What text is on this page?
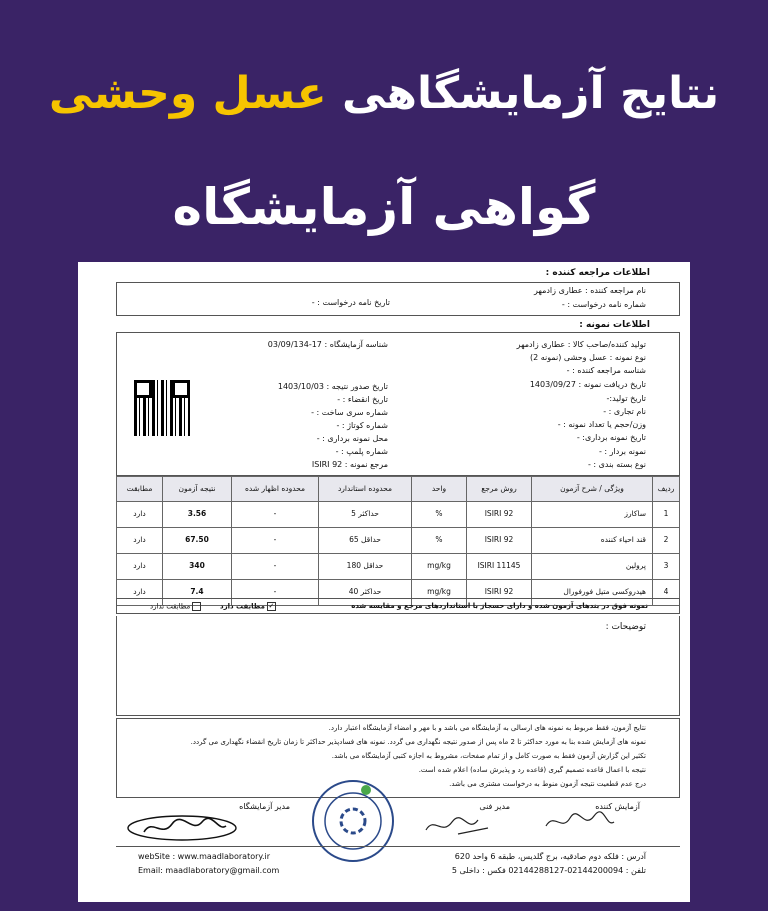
نتایج آزمایشگاهی عسل وحشی
گواهی آزمایشگاه
اطلاعات مراجعه کننده :
نام مراجعه کننده : عطاری زادمهر
شماره نامه درخواست : -
تاریخ نامه درخواست : -
اطلاعات نمونه :
تولید کننده/صاحب کالا : عطاری زادمهر
نوع نمونه : عسل وحشی (نمونه 2)
شناسه مراجعه کننده : -
تاریخ دریافت نمونه : 1403/09/27
تاریخ تولید:-
نام تجاری : -
وزن/حجم یا تعداد نمونه : -
تاریخ نمونه برداری: -
نمونه بردار : -
نوع بسته بندی : -
شناسه آزمایشگاه : 17-03/09/134
تاریخ صدور نتیجه : 1403/10/03
تاریخ انقضاء : -
شماره سری ساخت : -
شماره کوتاژ : -
محل نمونه برداری : -
شماره پلمپ : -
مرجع نمونه : ISIRI 92
ردیف	ویژگی / شرح آزمون	روش مرجع	واحد	محدوده استاندارد	محدوده اظهار شده	نتیجه آزمون	مطابقت
1	ساکارز	ISIRI 92	%	حداکثر 5	-	3.56	دارد
2	قند احیاء کننده	ISIRI 92	%	حداقل 65	-	67.50	دارد
3	پرولین	ISIRI 11145	mg/kg	حداقل 180	-	340	دارد
4	هیدروکسی متیل فورفورال	ISIRI 92	mg/kg	حداکثر 40	-	7.4	دارد
نمونه فوق در بندهای آزمون شده و دارای حسجاز با استانداردهای مرجع و مقایسه شده
✓مطابقت دارد
مطابقت ندارد
توضیحات :
نتایج آزمون، فقط مربوط به نمونه های ارسالی به آزمایشگاه می باشد و با مهر و امضاء آزمایشگاه اعتبار دارد.
نمونه های آزمایش شده بنا به مورد حداکثر تا 2 ماه پس از صدور نتیجه نگهداری می گردد. نمونه های فسادپذیر حداکثر تا زمان تاریخ انقضاء نگهداری می گردد.
تکثیر این گزارش آزمون فقط به صورت کامل و از تمام صفحات، مشروط به اجازه کتبی آزمایشگاه می باشد.
نتیجه با اعمال قاعده تصمیم گیری (قاعده رد و پذیرش ساده) اعلام شده است.
درج عدم قطعیت نتیجه آزمون منوط به درخواست مشتری می باشد.
آزمایش کننده
مدیر فنی
مدیر آزمایشگاه
webSite : www.maadlaboratory.ir
Email: maadlaboratory@gmail.com
آدرس : فلکه دوم صادقیه، برج گلدیس، طبقه 6 واحد 620
تلفن : 02144200094-02144288127 فکس : داخلی 5
